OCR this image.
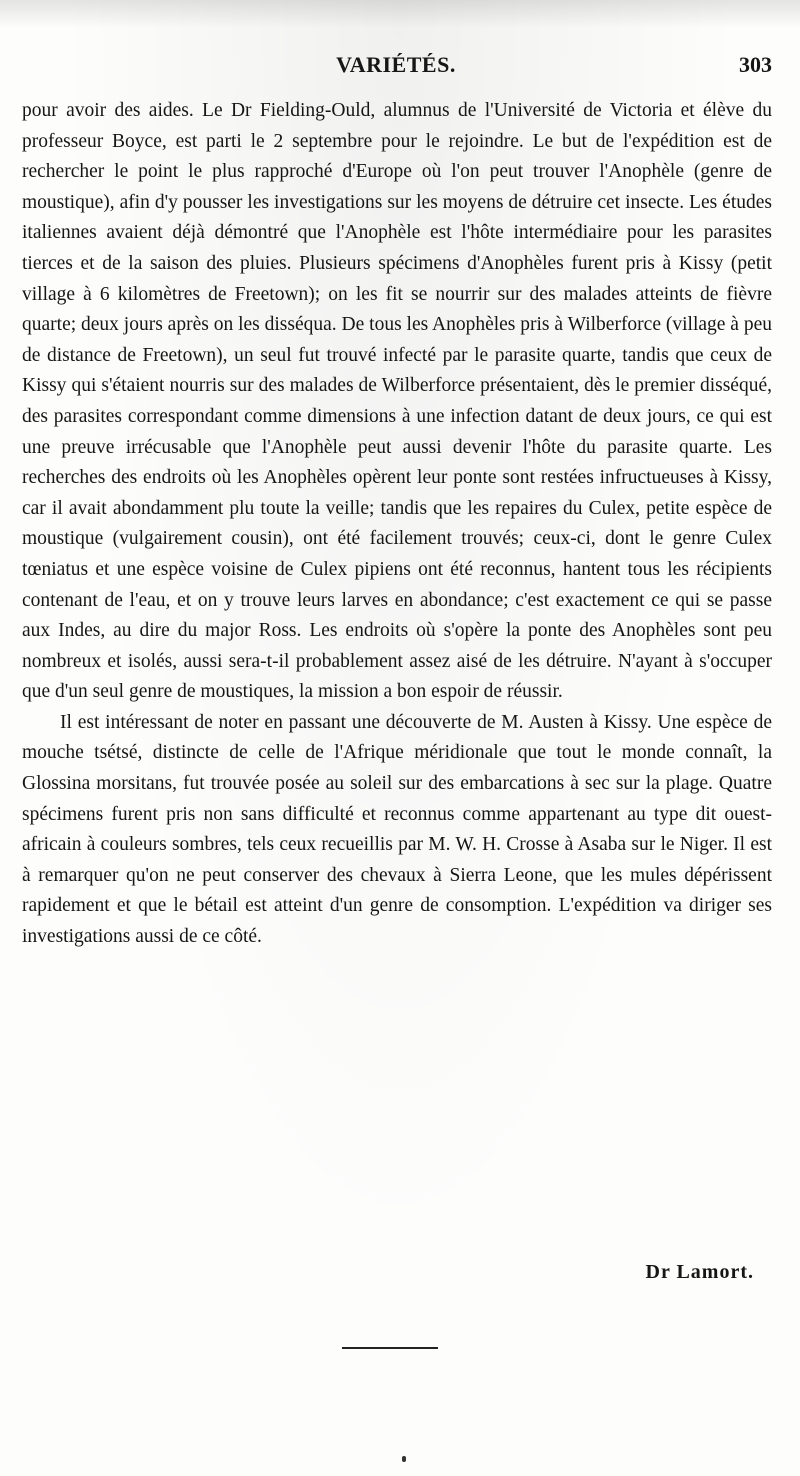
VARIÉTÉS.	303

pour avoir des aides. Le Dr Fielding-Ould, alumnus de l'Université de Victoria et élève du professeur Boyce, est parti le 2 septembre pour le rejoindre. Le but de l'expédition est de rechercher le point le plus rapproché d'Europe où l'on peut trouver l'Anophèle (genre de moustique), afin d'y pousser les investigations sur les moyens de détruire cet insecte. Les études italiennes avaient déjà démontré que l'Anophèle est l'hôte intermédiaire pour les parasites tierces et de la saison des pluies. Plusieurs spécimens d'Anophèles furent pris à Kissy (petit village à 6 kilomètres de Freetown); on les fit se nourrir sur des malades atteints de fièvre quarte; deux jours après on les disséqua. De tous les Anophèles pris à Wilberforce (village à peu de distance de Freetown), un seul fut trouvé infecté par le parasite quarte, tandis que ceux de Kissy qui s'étaient nourris sur des malades de Wilberforce présentaient, dès le premier disséqué, des parasites correspondant comme dimensions à une infection datant de deux jours, ce qui est une preuve irrécusable que l'Anophèle peut aussi devenir l'hôte du parasite quarte. Les recherches des endroits où les Anophèles opèrent leur ponte sont restées infructueuses à Kissy, car il avait abondamment plu toute la veille; tandis que les repaires du Culex, petite espèce de moustique (vulgairement cousin), ont été facilement trouvés; ceux-ci, dont le genre Culex tœniatus et une espèce voisine de Culex pipiens ont été reconnus, hantent tous les récipients contenant de l'eau, et on y trouve leurs larves en abondance; c'est exactement ce qui se passe aux Indes, au dire du major Ross. Les endroits où s'opère la ponte des Anophèles sont peu nombreux et isolés, aussi sera-t-il probablement assez aisé de les détruire. N'ayant à s'occuper que d'un seul genre de moustiques, la mission a bon espoir de réussir.

Il est intéressant de noter en passant une découverte de M. Austen à Kissy. Une espèce de mouche tsétsé, distincte de celle de l'Afrique méridionale que tout le monde connaît, la Glossina morsitans, fut trouvée posée au soleil sur des embarcations à sec sur la plage. Quatre spécimens furent pris non sans difficulté et reconnus comme appartenant au type dit ouest-africain à couleurs sombres, tels ceux recueillis par M. W. H. Crosse à Asaba sur le Niger. Il est à remarquer qu'on ne peut conserver des chevaux à Sierra Leone, que les mules dépérissent rapidement et que le bétail est atteint d'un genre de consomption. L'expédition va diriger ses investigations aussi de ce côté.

Dr Lamort.
